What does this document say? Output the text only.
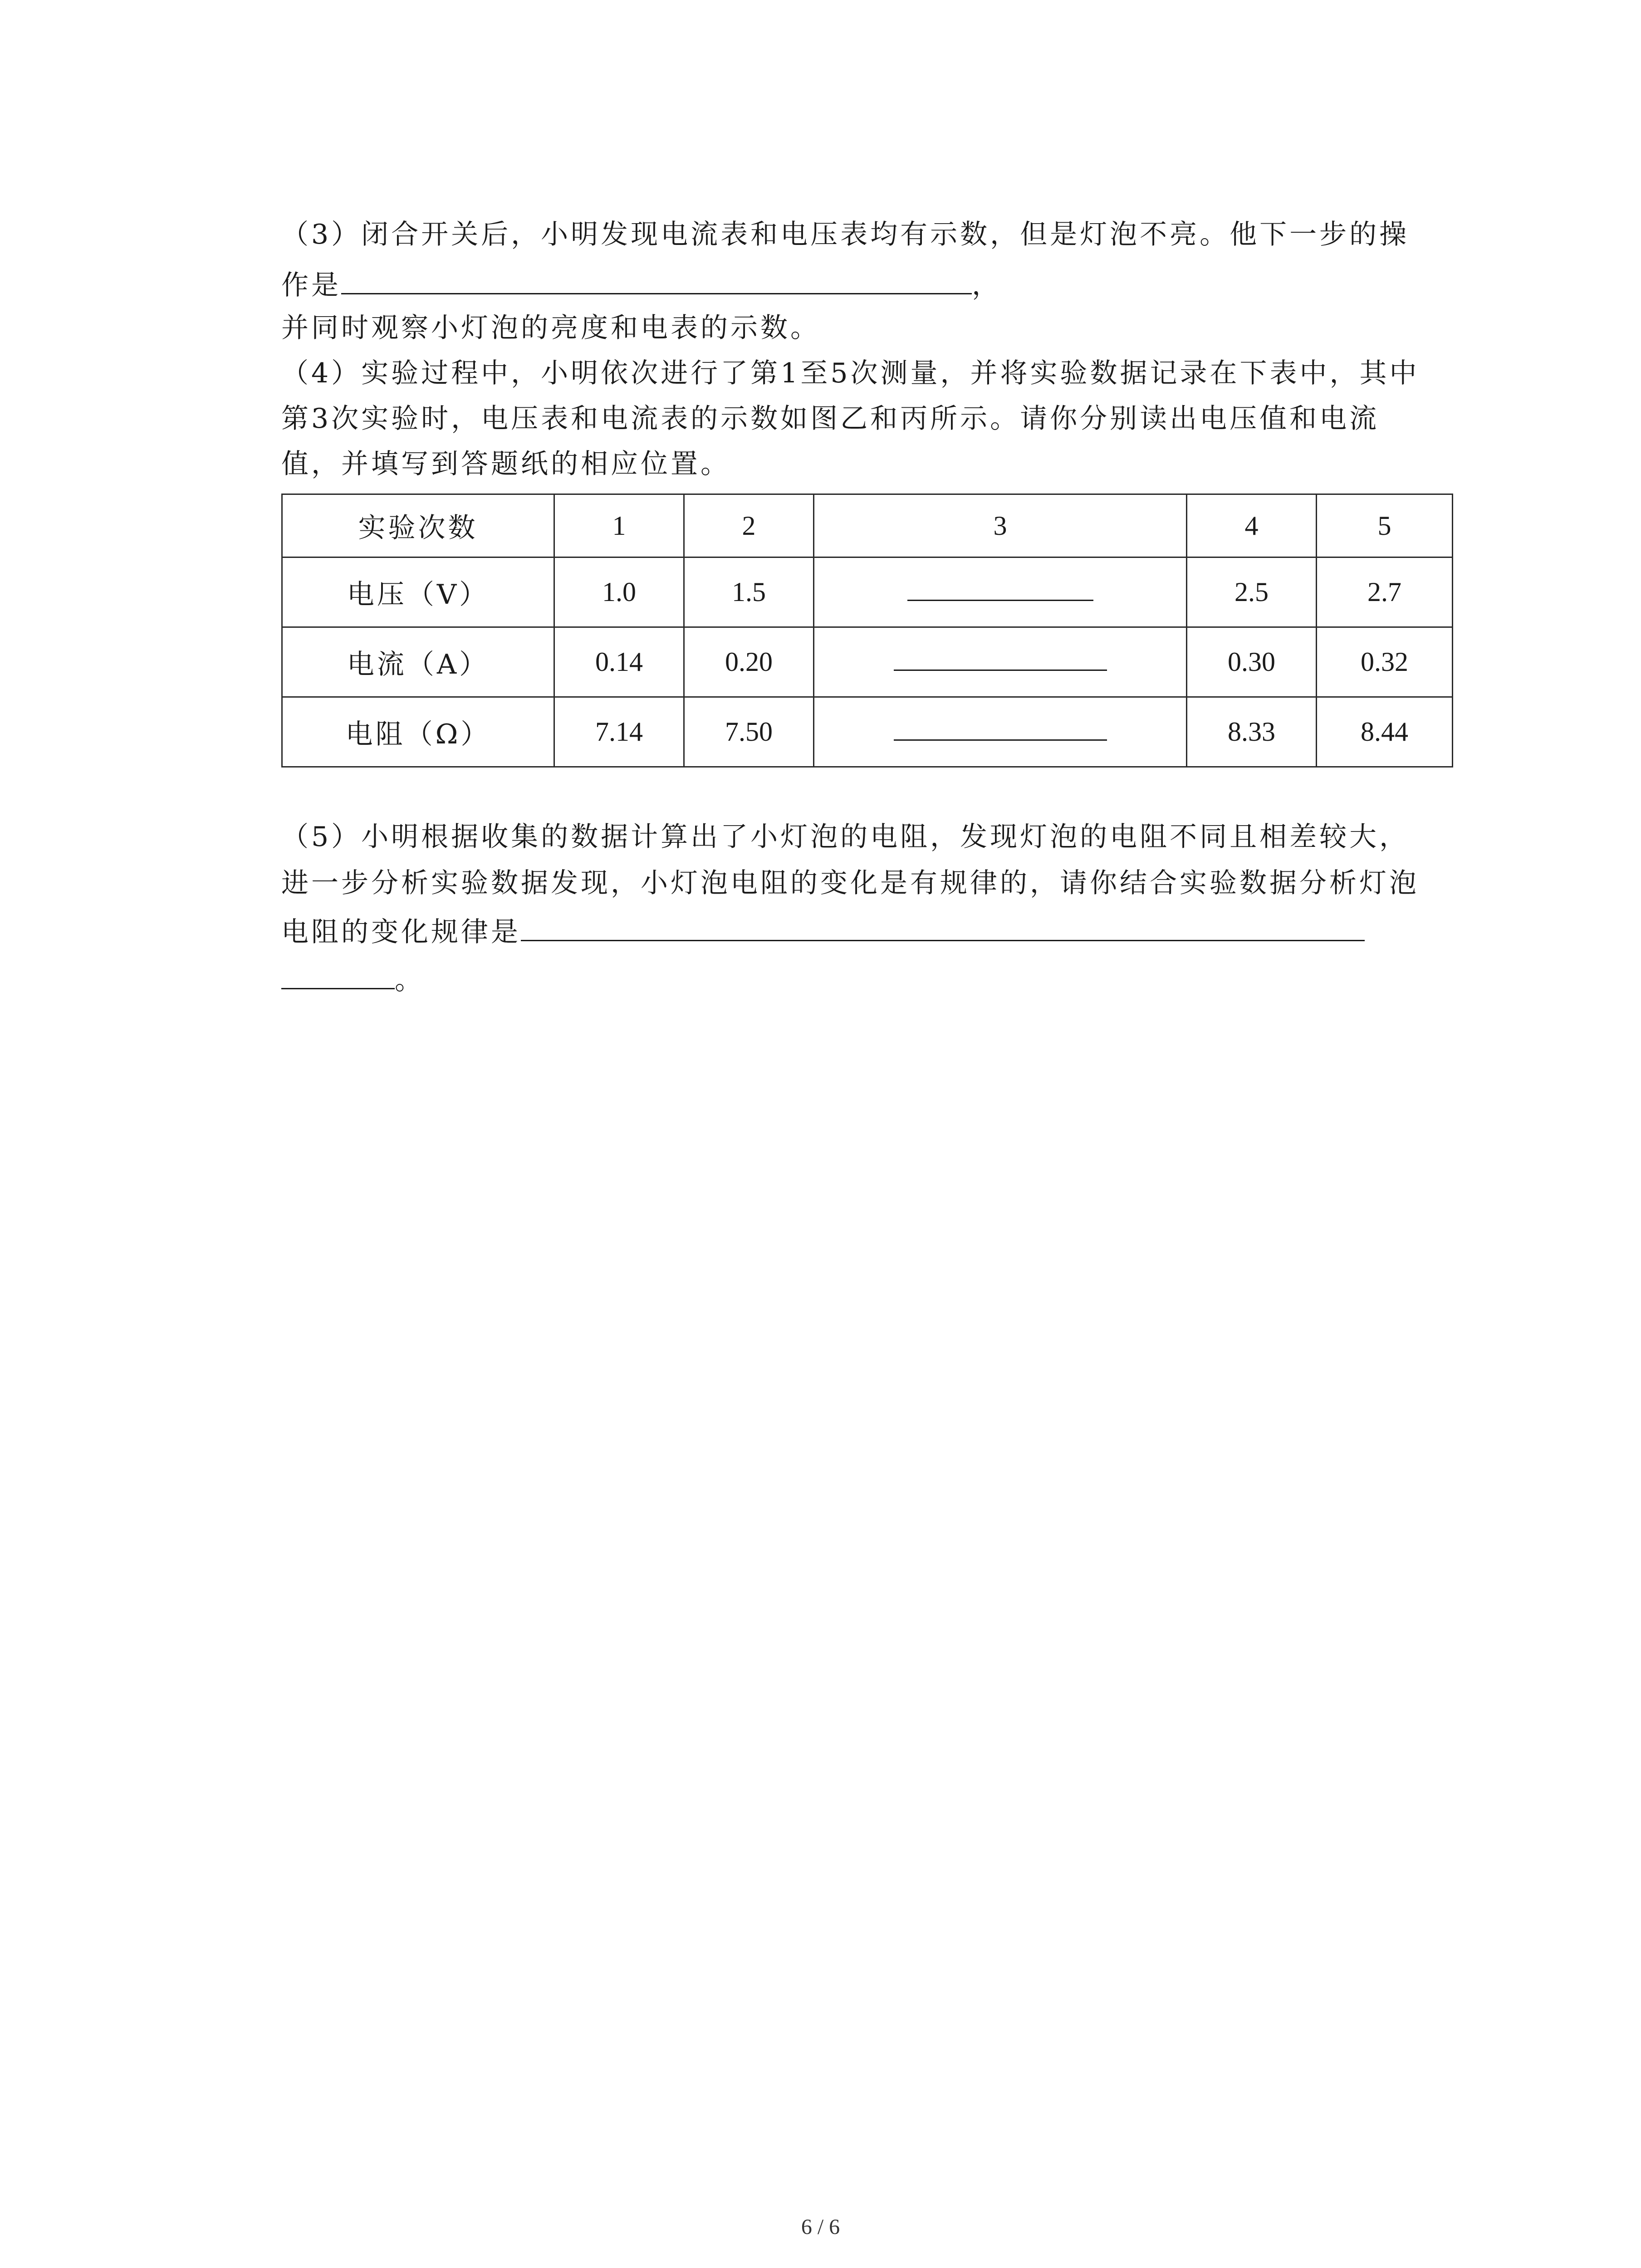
（3）闭合开关后，小明发现电流表和电压表均有示数，但是灯泡不亮。他下一步的操
作是	，
并同时观察小灯泡的亮度和电表的示数。
（4）实验过程中，小明依次进行了第1至5次测量，并将实验数据记录在下表中，其中
第3次实验时，电压表和电流表的示数如图乙和丙所示。请你分别读出电压值和电流
值，并填写到答题纸的相应位置。
实验次数	1	2	3	4	5
电压（V）	1.0	1.5		2.5	2.7
电流（A）	0.14	0.20		0.30	0.32
电阻（Ω）	7.14	7.50		8.33	8.44
（5）小明根据收集的数据计算出了小灯泡的电阻，发现灯泡的电阻不同且相差较大，
进一步分析实验数据发现，小灯泡电阻的变化是有规律的，请你结合实验数据分析灯泡
电阻的变化规律是
。
6 / 6
